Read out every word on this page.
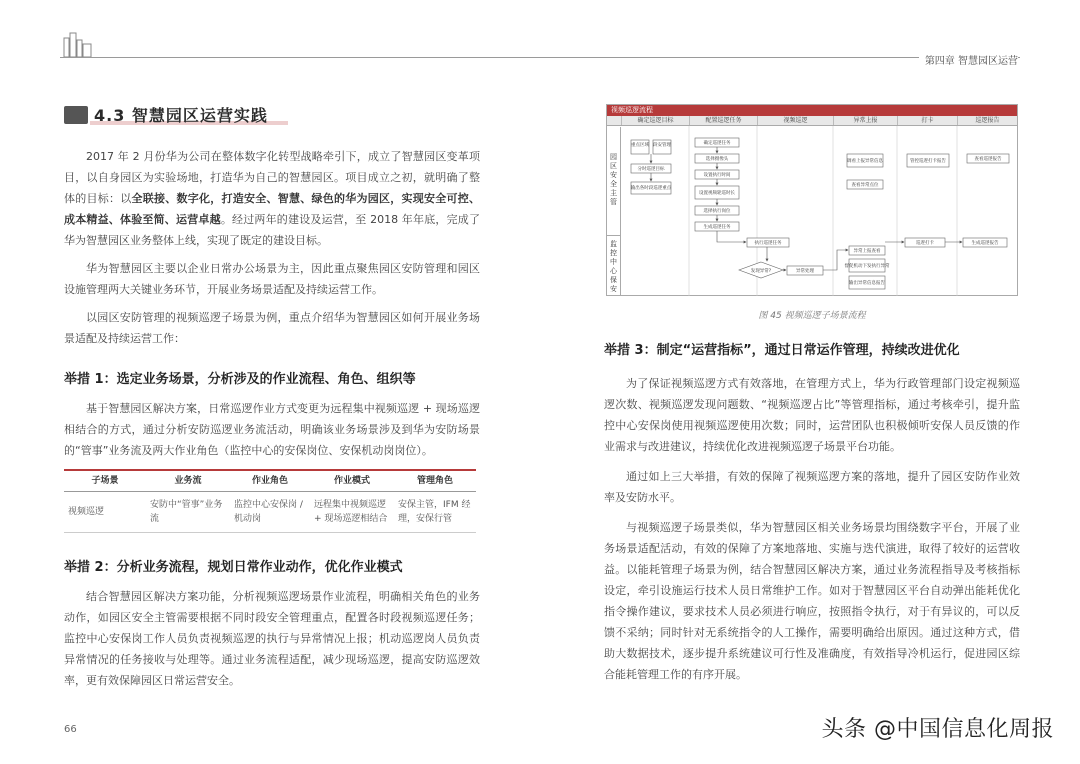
第四章 智慧园区运营
4.3 智慧园区运营实践

2017 年 2 月份华为公司在整体数字化转型战略牵引下，成立了智慧园区变革项目，以自身园区为实验场地，打造华为自己的智慧园区。项目成立之初，就明确了整体的目标：以全联接、数字化，打造安全、智慧、绿色的华为园区，实现安全可控、成本精益、体验至简、运营卓越。经过两年的建设及运营，至 2018 年年底，完成了华为智慧园区业务整体上线，实现了既定的建设目标。

华为智慧园区主要以企业日常办公场景为主，因此重点聚焦园区安防管理和园区设施管理两大关键业务环节，开展业务场景适配及持续运营工作。

以园区安防管理的视频巡逻子场景为例，重点介绍华为智慧园区如何开展业务场景适配及持续运营工作：

举措 1：选定业务场景，分析涉及的作业流程、角色、组织等

基于智慧园区解决方案，日常巡逻作业方式变更为远程集中视频巡逻 + 现场巡逻相结合的方式，通过分析安防巡逻业务流活动，明确该业务场景涉及到华为安防场景的“管事”业务流及两大作业角色（监控中心的安保岗位、安保机动岗岗位）。

子场景	业务流	作业角色	作业模式	管理角色
视频巡逻	安防中“管事”业务流	监控中心安保岗 / 机动岗	远程集中视频巡逻 + 现场巡逻相结合	安保主管，IFM 经理，安保行管
举措 2：分析业务流程，规划日常作业动作，优化作业模式

结合智慧园区解决方案功能，分析视频巡逻场景作业流程，明确相关角色的业务动作，如园区安全主管需要根据不同时段安全管理重点，配置各时段视频巡逻任务；监控中心安保岗工作人员负责视频巡逻的执行与异常情况上报；机动巡逻岗人员负责异常情况的任务接收与处理等。通过业务流程适配，减少现场巡逻，提高安防巡逻效率，更有效保障园区日常运营安全。

视频巡逻流程
确定巡逻目标	配置巡逻任务	视频巡逻	异常上报	打卡	巡逻报告
园区安全主管
监控中心保安
重点区域 段安管理
分时巡逻目标
输出各时段巡逻重点
确定巡逻任务
选择摄像头
设置执行时间
设置视频轮巡时长
选择执行岗位
生成巡逻任务
执行巡逻任务
发现异常?	异常处理
调看上报异常信息
查看异常点位
异常上报查看
督促机动下发执行异常
输出异常信息报告
管控巡逻打卡报告
巡逻打卡
查看巡逻报告
生成巡逻报告
图 45 视频巡逻子场景流程
举措 3：制定“运营指标”，通过日常运作管理，持续改进优化

为了保证视频巡逻方式有效落地，在管理方式上，华为行政管理部门设定视频巡逻次数、视频巡逻发现问题数、“视频巡逻占比”等管理指标，通过考核牵引，提升监控中心安保岗使用视频巡逻使用次数；同时，运营团队也积极倾听安保人员反馈的作业需求与改进建议，持续优化改进视频巡逻子场景平台功能。

通过如上三大举措，有效的保障了视频巡逻方案的落地，提升了园区安防作业效率及安防水平。

与视频巡逻子场景类似，华为智慧园区相关业务场景均围绕数字平台，开展了业务场景适配活动，有效的保障了方案地落地、实施与迭代演进，取得了较好的运营收益。以能耗管理子场景为例，结合智慧园区解决方案，通过业务流程指导及考核指标设定，牵引设施运行技术人员日常维护工作。如对于智慧园区平台自动弹出能耗优化指令操作建议，要求技术人员必须进行响应，按照指令执行，对于有异议的，可以反馈不采纳；同时针对无系统指令的人工操作，需要明确给出原因。通过这种方式，借助大数据技术，逐步提升系统建议可行性及准确度，有效指导冷机运行，促进园区综合能耗管理工作的有序开展。

66	头条 @中国信息化周报
